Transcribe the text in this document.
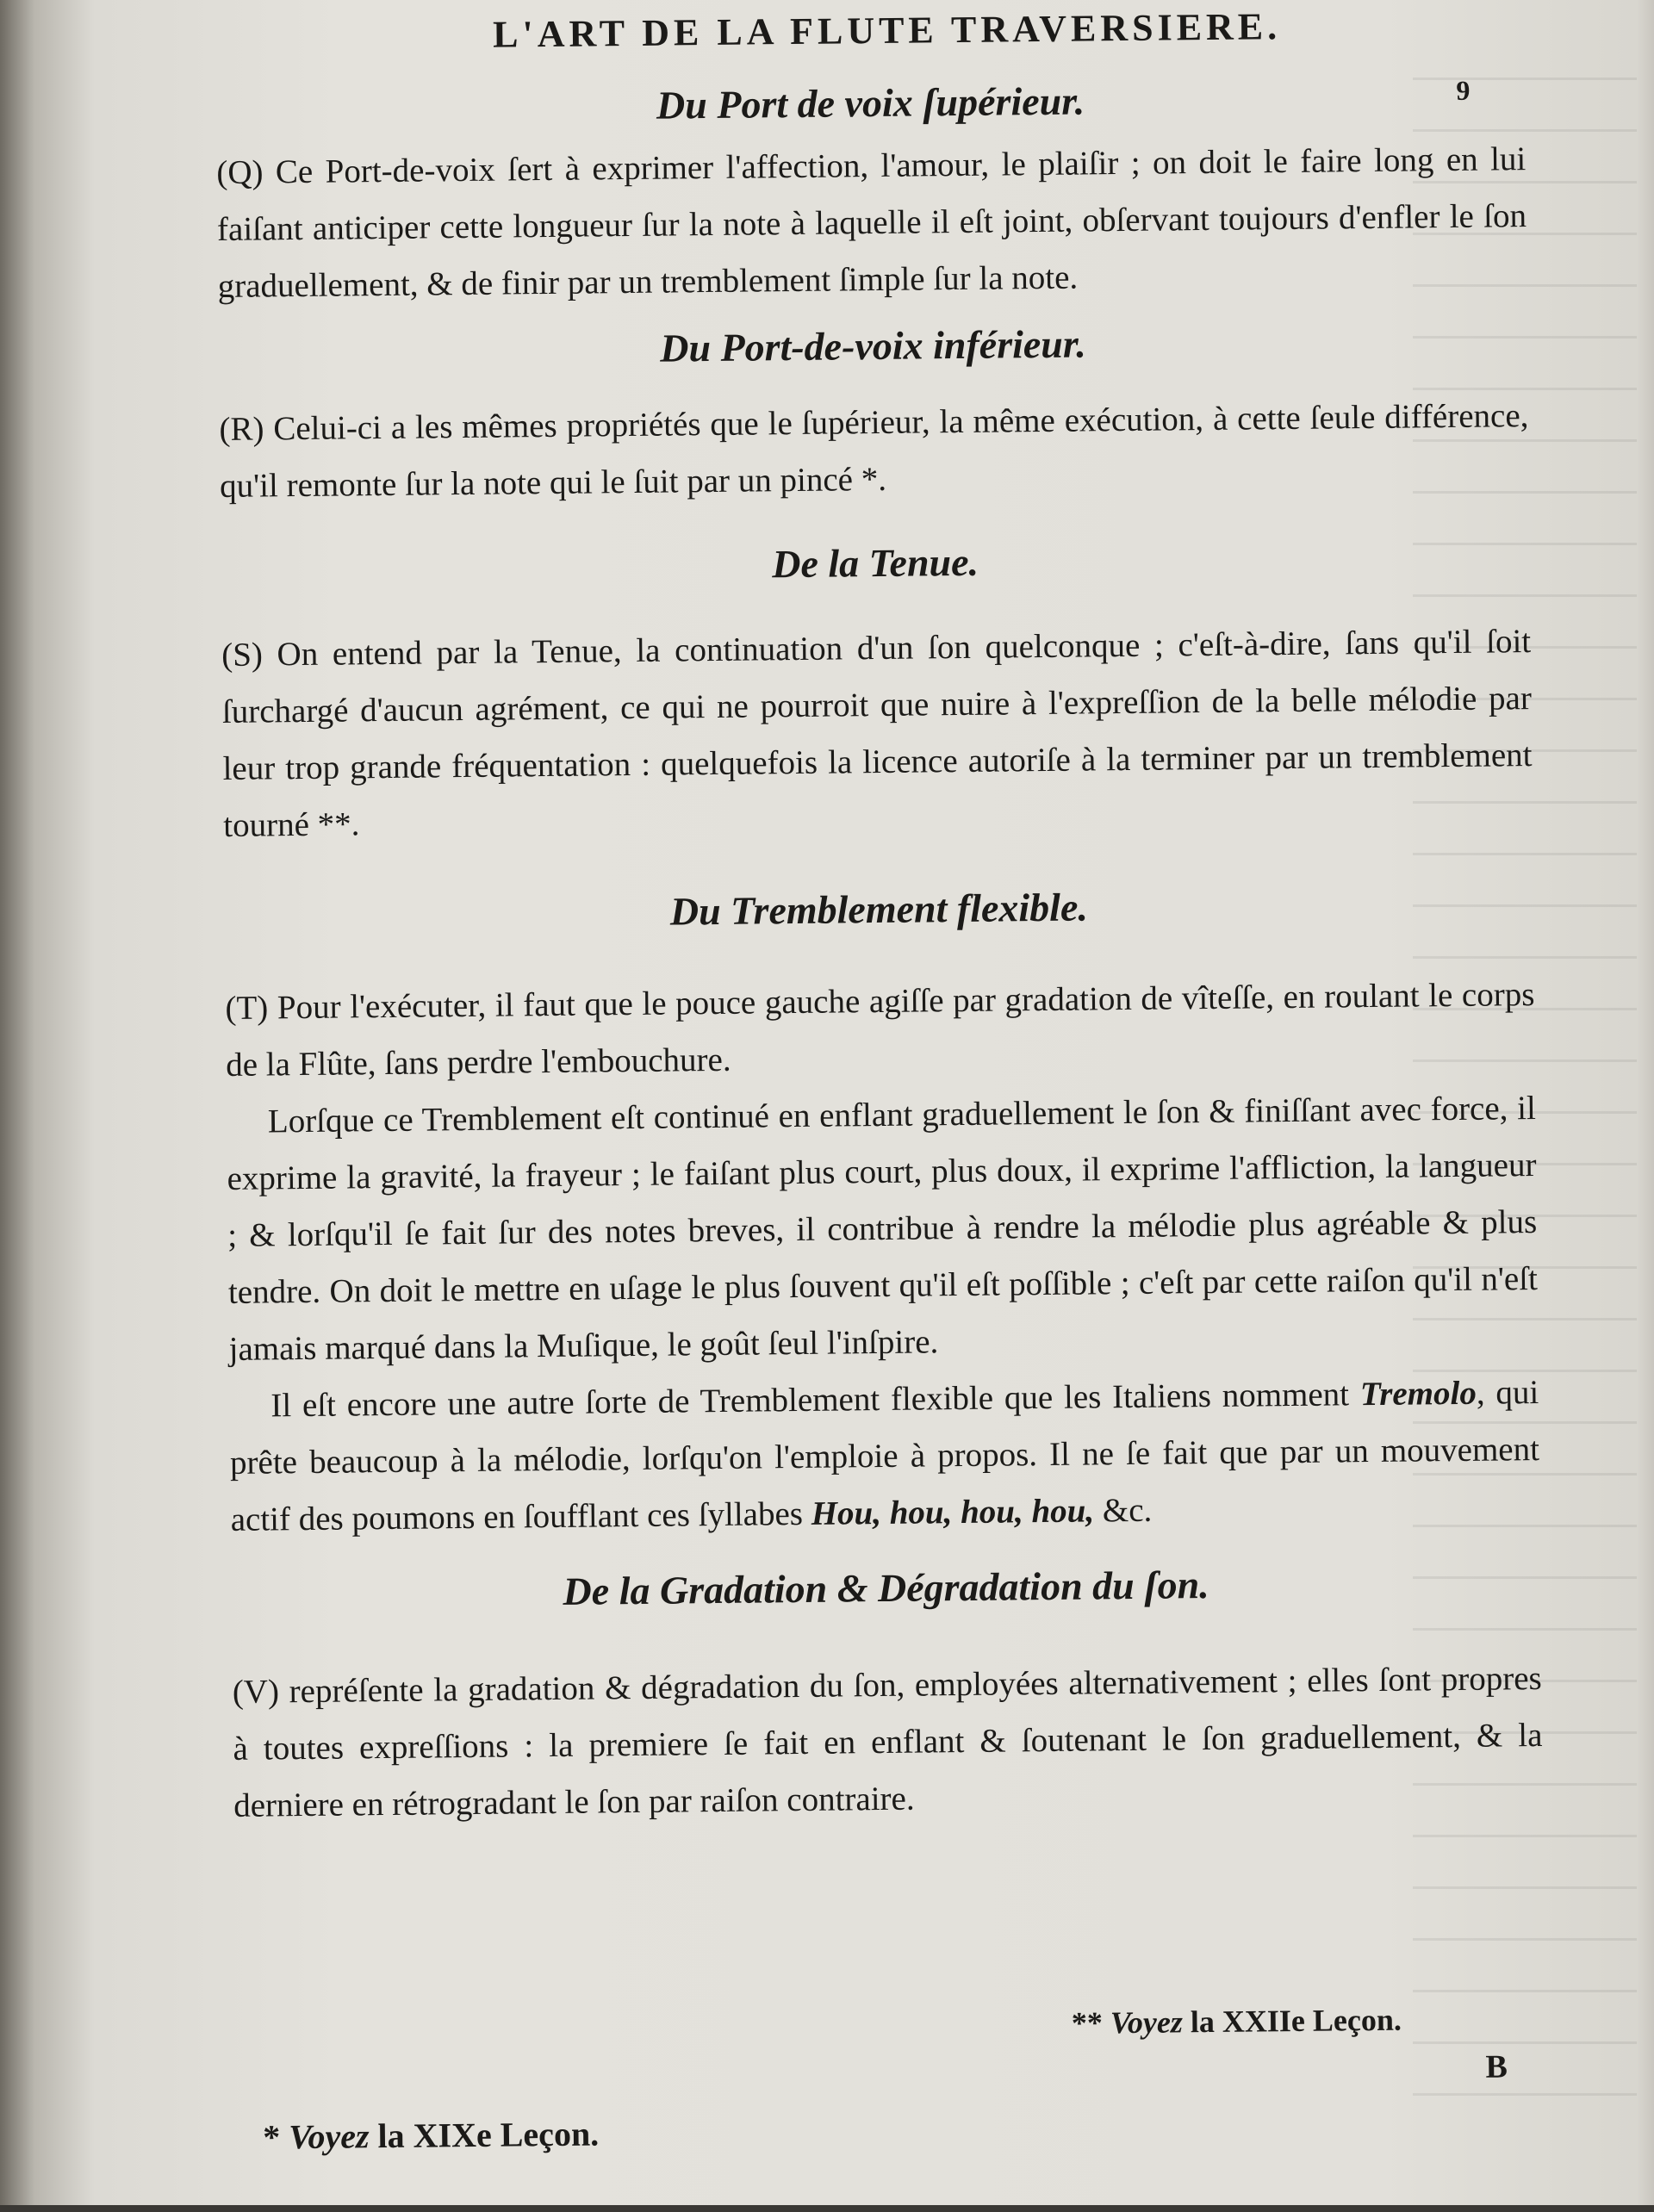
L'ART DE LA FLUTE TRAVERSIERE.
9
Du Port de voix ſupérieur.

(Q) Ce Port-de-voix ſert à exprimer l'affection, l'amour, le plaiſir ; on doit le faire long en lui faiſant anticiper cette longueur ſur la note à laquelle il eſt joint, obſervant toujours d'enfler le ſon graduellement, & de finir par un tremblement ſimple ſur la note.

Du Port-de-voix inférieur.

(R) Celui-ci a les mêmes propriétés que le ſupérieur, la même exécution, à cette ſeule différence, qu'il remonte ſur la note qui le ſuit par un pincé *.

De la Tenue.

(S) On entend par la Tenue, la continuation d'un ſon quelconque ; c'eſt-à-dire, ſans qu'il ſoit ſurchargé d'aucun agrément, ce qui ne pourroit que nuire à l'expreſſion de la belle mélodie par leur trop grande fréquentation : quelquefois la licence autoriſe à la terminer par un tremblement tourné **.

Du Tremblement flexible.

(T) Pour l'exécuter, il faut que le pouce gauche agiſſe par gradation de vîteſſe, en roulant le corps de la Flûte, ſans perdre l'embouchure.

Lorſque ce Tremblement eſt continué en enflant graduellement le ſon & finiſſant avec force, il exprime la gravité, la frayeur ; le faiſant plus court, plus doux, il exprime l'affliction, la langueur ; & lorſqu'il ſe fait ſur des notes breves, il contribue à rendre la mélodie plus agréable & plus tendre. On doit le mettre en uſage le plus ſouvent qu'il eſt poſſible ; c'eſt par cette raiſon qu'il n'eſt jamais marqué dans la Muſique, le goût ſeul l'inſpire.

Il eſt encore une autre ſorte de Tremblement flexible que les Italiens nomment Tremolo, qui prête beaucoup à la mélodie, lorſqu'on l'emploie à propos. Il ne ſe fait que par un mouvement actif des poumons en ſoufflant ces ſyllabes Hou, hou, hou, hou, &c.

De la Gradation & Dégradation du ſon.

(V) repréſente la gradation & dégradation du ſon, employées alternativement ; elles ſont propres à toutes expreſſions : la premiere ſe fait en enflant & ſoutenant le ſon graduellement, & la derniere en rétrogradant le ſon par raiſon contraire.

** Voyez la XXIIe Leçon.
B
* Voyez la XIXe Leçon.
